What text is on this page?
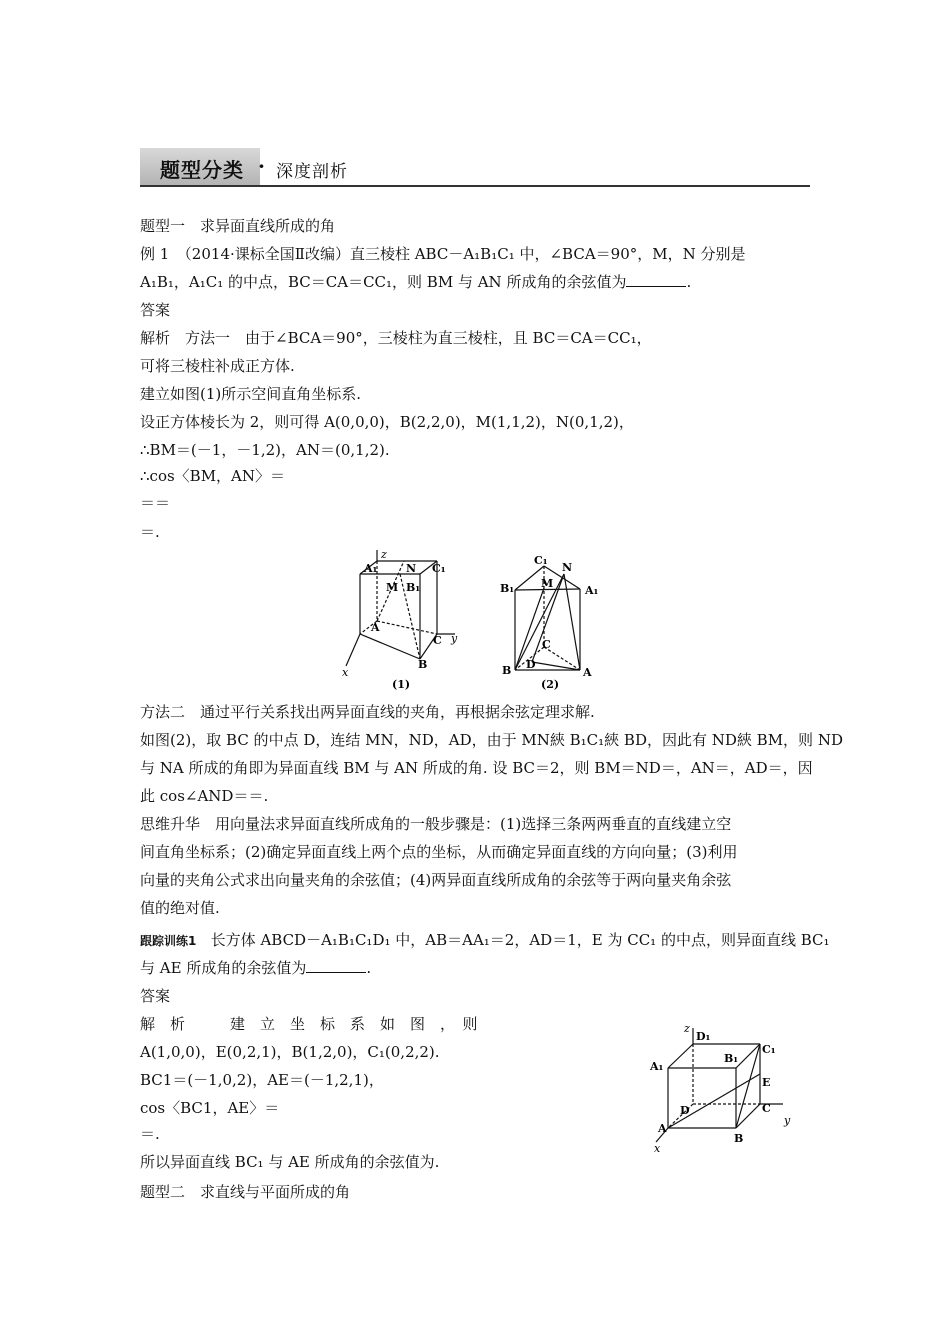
题型分类 · 深度剖析
题型一　求异面直线所成的角
例 1　（2014·课标全国Ⅱ改编）直三棱柱 ABC－A₁B₁C₁ 中，∠BCA＝90°，M，N 分别是
A₁B₁，A₁C₁ 的中点，BC＝CA＝CC₁，则 BM 与 AN 所成角的余弦值为	.
答案
解析　方法一　由于∠BCA＝90°，三棱柱为直三棱柱，且 BC＝CA＝CC₁，
可将三棱柱补成正方体.
建立如图(1)所示空间直角坐标系.
设正方体棱长为 2，则可得 A(0,0,0)，B(2,2,0)，M(1,1,2)，N(0,1,2)，
∴BM＝(－1，－1,2)，AN＝(0,1,2).
∴cos〈BM，AN〉＝
＝＝
＝.
z
A₁	N C₁
M B₁
A
C y
x
B
(1)
C₁
M
N
B₁	A₁
C
B D
A
(2)
方法二　通过平行关系找出两异面直线的夹角，再根据余弦定理求解.
如图(2)，取 BC 的中点 D，连结 MN，ND，AD，由于 MN綊 B₁C₁綊 BD，因此有 ND綊 BM，则 ND
与 NA 所成的角即为异面直线 BM 与 AN 所成的角. 设 BC＝2，则 BM＝ND＝，AN＝，AD＝，因
此 cos∠AND＝＝.
思维升华　用向量法求异面直线所成角的一般步骤是：(1)选择三条两两垂直的直线建立空
间直角坐标系；(2)确定异面直线上两个点的坐标，从而确定异面直线的方向向量；(3)利用
向量的夹角公式求出向量夹角的余弦值；(4)两异面直线所成角的余弦等于两向量夹角余弦
值的绝对值.
跟踪训练1 长方体 ABCD－A₁B₁C₁D₁ 中，AB＝AA₁＝2，AD＝1，E 为 CC₁ 的中点，则异面直线 BC₁
与 AE 所成角的余弦值为	.
答案
解　析　　　建　立　坐　标　系　如　图　，　则
A(1,0,0)，E(0,2,1)，B(1,2,0)，C₁(0,2,2).
BC1＝(－1,0,2)，AE＝(－1,2,1)，
cos〈BC1，AE〉＝
＝.
所以异面直线 BC₁ 与 AE 所成角的余弦值为.
题型二　求直线与平面所成的角
z
D₁
B₁
C₁
A₁
E
D	C
A
B
y
x
